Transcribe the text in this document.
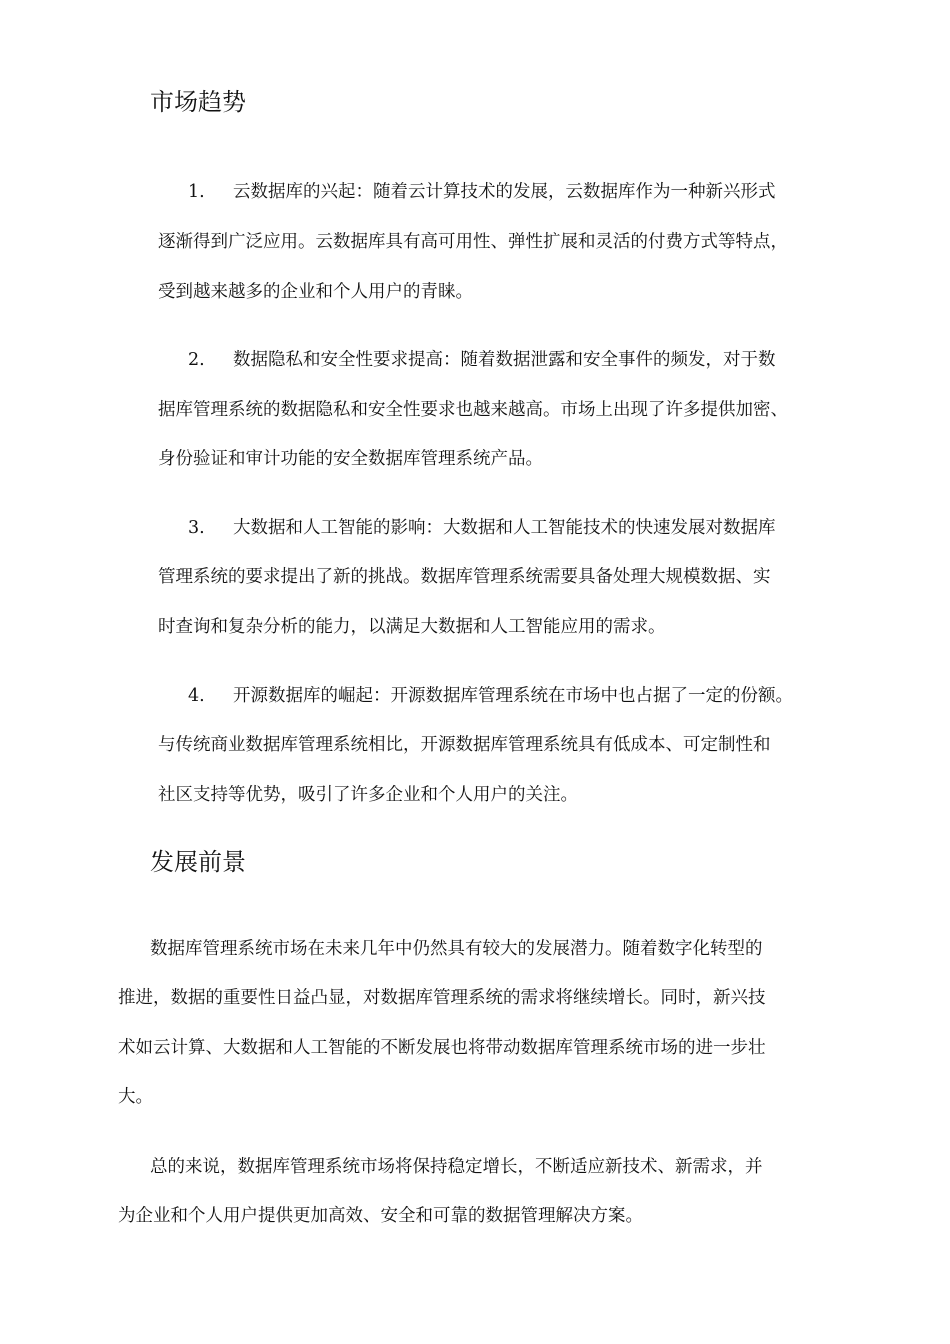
市场趋势
1. 云数据库的兴起：随着云计算技术的发展，云数据库作为一种新兴形式
逐渐得到广泛应用。云数据库具有高可用性、弹性扩展和灵活的付费方式等特点，
受到越来越多的企业和个人用户的青睐。
2. 数据隐私和安全性要求提高：随着数据泄露和安全事件的频发，对于数
据库管理系统的数据隐私和安全性要求也越来越高。市场上出现了许多提供加密、
身份验证和审计功能的安全数据库管理系统产品。
3. 大数据和人工智能的影响：大数据和人工智能技术的快速发展对数据库
管理系统的要求提出了新的挑战。数据库管理系统需要具备处理大规模数据、实
时查询和复杂分析的能力，以满足大数据和人工智能应用的需求。
4. 开源数据库的崛起：开源数据库管理系统在市场中也占据了一定的份额。
与传统商业数据库管理系统相比，开源数据库管理系统具有低成本、可定制性和
社区支持等优势，吸引了许多企业和个人用户的关注。
发展前景
数据库管理系统市场在未来几年中仍然具有较大的发展潜力。随着数字化转型的
推进，数据的重要性日益凸显，对数据库管理系统的需求将继续增长。同时，新兴技
术如云计算、大数据和人工智能的不断发展也将带动数据库管理系统市场的进一步壮
大。
总的来说，数据库管理系统市场将保持稳定增长，不断适应新技术、新需求，并
为企业和个人用户提供更加高效、安全和可靠的数据管理解决方案。
